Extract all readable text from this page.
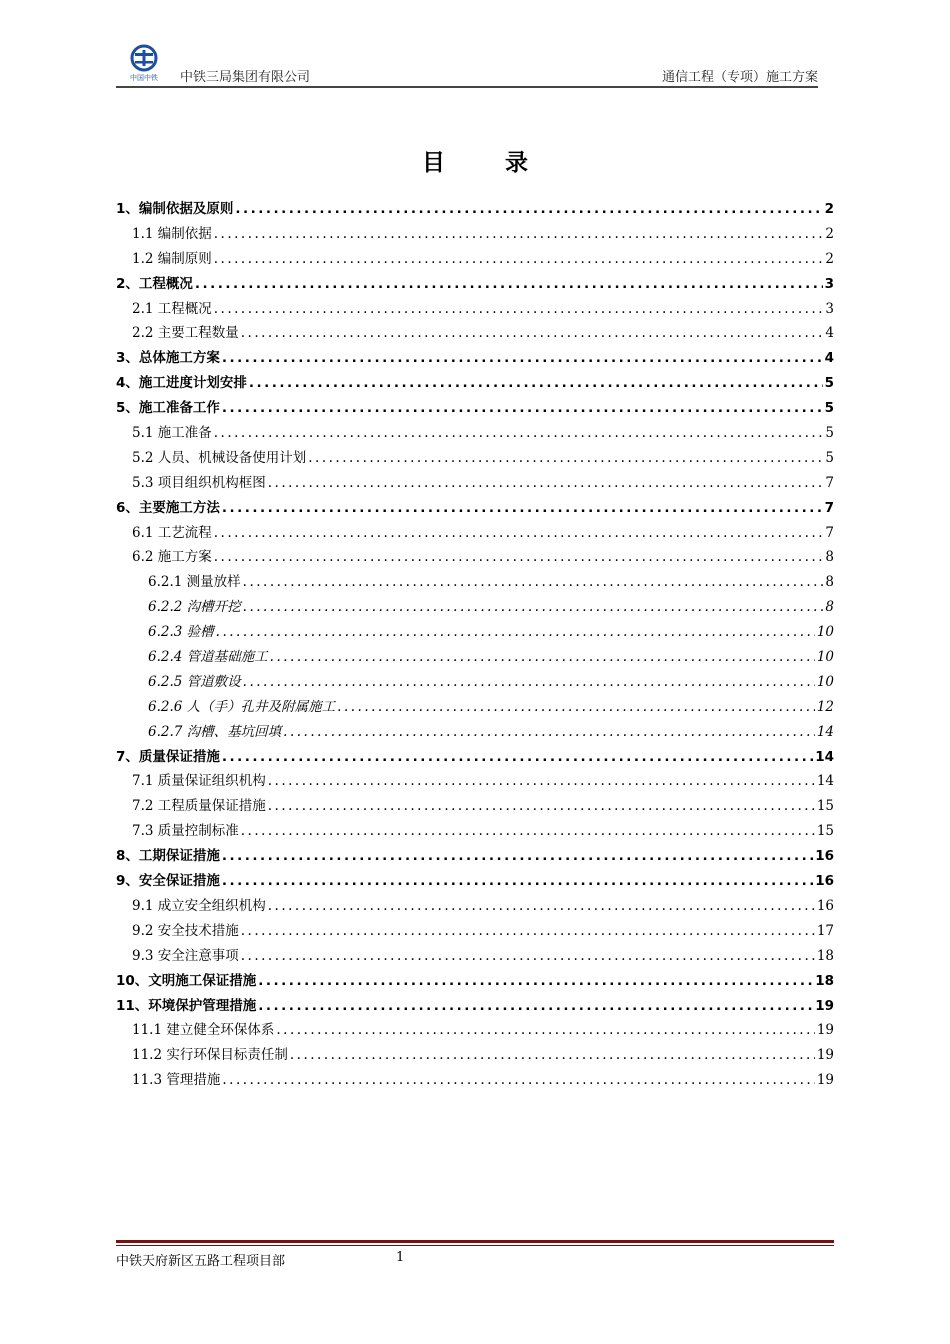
中国中铁 中铁三局集团有限公司	通信工程（专项）施工方案
目 录
1、编制依据及原则 .....	2
1.1 编制依据 .....	2
1.2 编制原则 .....	2
2、工程概况 .....	3
2.1 工程概况 .....	3
2.2 主要工程数量 .....	4
3、总体施工方案 .....	4
4、施工进度计划安排 .....	5
5、施工准备工作 .....	5
5.1 施工准备 .....	5
5.2 人员、机械设备使用计划 .....	5
5.3 项目组织机构框图 .....	7
6、主要施工方法 .....	7
6.1 工艺流程 .....	7
6.2 施工方案 .....	8
6.2.1 测量放样 .....	8
6.2.2 沟槽开挖 .....	8
6.2.3 验槽 .....	10
6.2.4 管道基础施工 .....	10
6.2.5 管道敷设 .....	10
6.2.6 人（手）孔井及附属施工 .....	12
6.2.7 沟槽、基坑回填 .....	14
7、质量保证措施 .....	14
7.1 质量保证组织机构 .....	14
7.2 工程质量保证措施 .....	15
7.3 质量控制标准 .....	15
8、工期保证措施 .....	16
9、安全保证措施 .....	16
9.1 成立安全组织机构 .....	16
9.2 安全技术措施 .....	17
9.3 安全注意事项 .....	18
10、文明施工保证措施 .....	18
11、环境保护管理措施 .....	19
11.1 建立健全环保体系 .....	19
11.2 实行环保目标责任制 .....	19
11.3 管理措施 .....	19
中铁天府新区五路工程项目部	1
